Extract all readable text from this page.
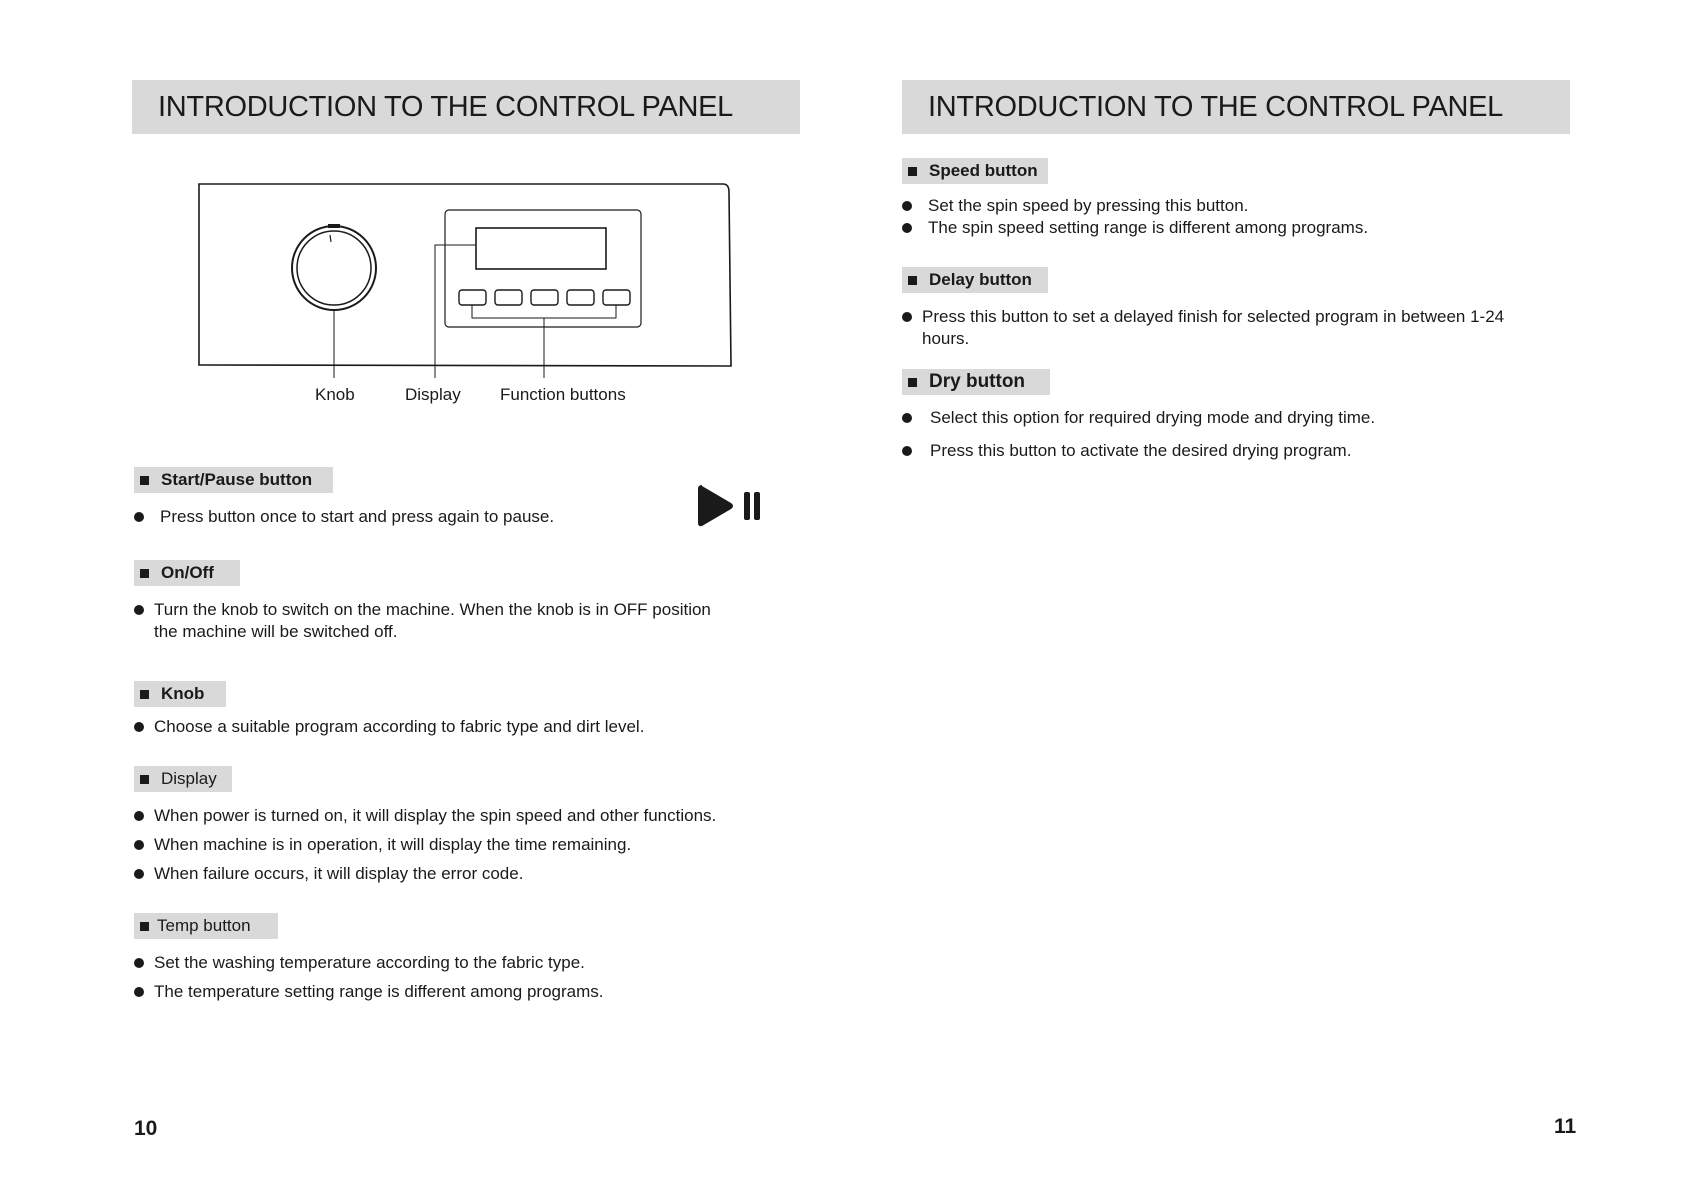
INTRODUCTION TO THE CONTROL PANEL
Knob	Display Function buttons
Start/Pause button
Press button once to start and press again to pause.
On/Off
Turn the knob to switch on the machine. When the knob is in OFF position the machine will be switched off.
Knob
Choose a suitable program according to fabric type and dirt level.
Display
When power is turned on, it will display the spin speed and other functions.
When machine is in operation, it will display the time remaining.
When failure occurs, it will display the error code.
Temp button
Set the washing temperature according to the fabric type.
The temperature setting range is different among programs.
10
INTRODUCTION TO THE CONTROL PANEL
Speed button
Set the spin speed by pressing this button.
The spin speed setting range is different among programs.
Delay button
Press this button to set a delayed finish for selected program in between 1-24 hours.
Dry button
Select this option for required drying mode and drying time.
Press this button to activate the desired drying program.
11
